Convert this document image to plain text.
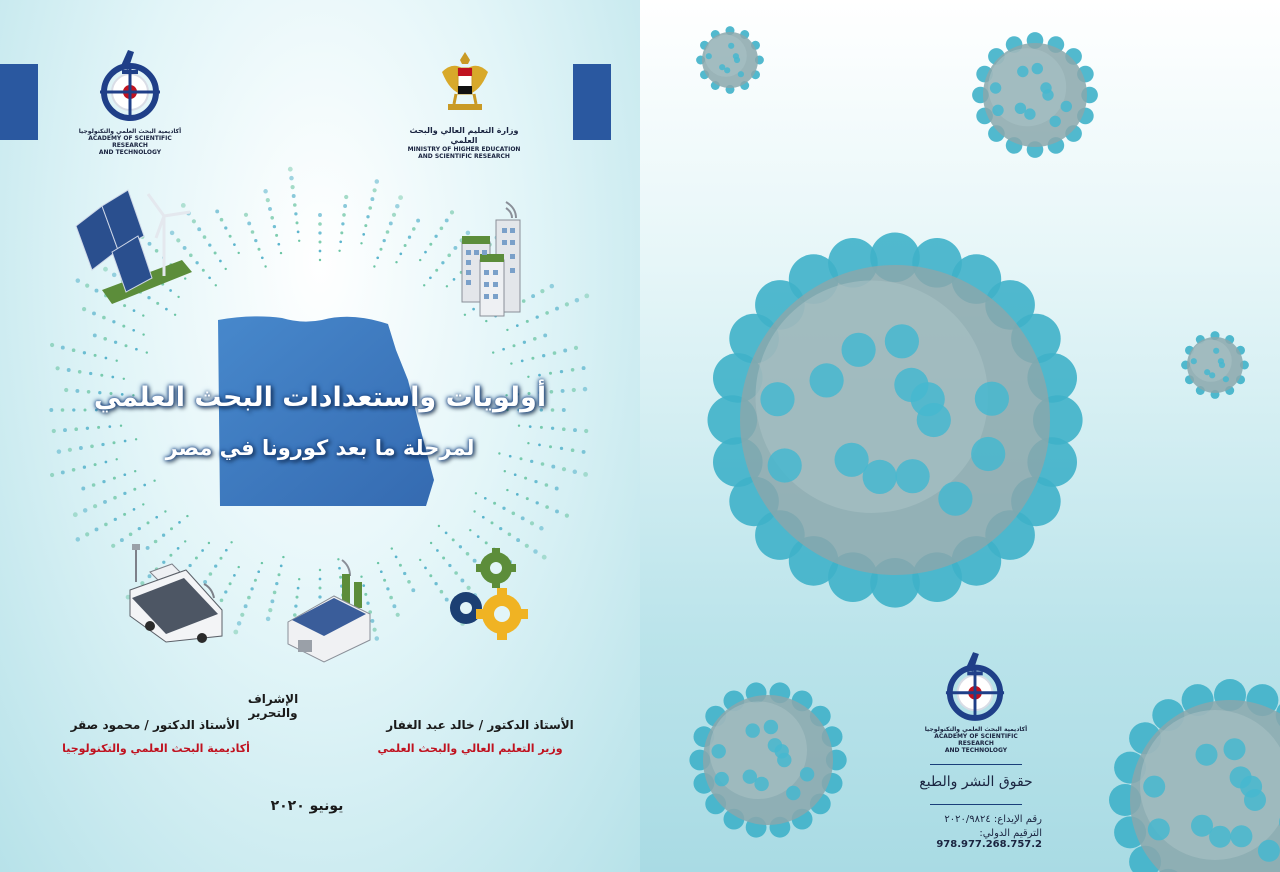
أكاديمية البحث العلمي والتكنولوجيا
ACADEMY OF SCIENTIFIC RESEARCH
AND TECHNOLOGY
وزارة التعليم العالي والبحث العلمي
MINISTRY OF HIGHER EDUCATION
AND SCIENTIFIC RESEARCH
أولويات واستعدادات البحث العلمي
لمرحلة ما بعد كورونا في مصر
الإشراف والتحرير
الأستاذ الدكتور / خالد عبد الغفار
وزير التعليم العالي والبحث العلمي
الأستاذ الدكتور / محمود صقر
أكاديمية البحث العلمي والتكنولوجيا
يونيو ٢٠٢٠
أكاديمية البحث العلمي والتكنولوجيا
ACADEMY OF SCIENTIFIC RESEARCH
AND TECHNOLOGY
حقوق النشر والطبع
رقم الإيداع: ٢٠٢٠/٩٨٢٤
الترقيم الدولي: 978.977.268.757.2
